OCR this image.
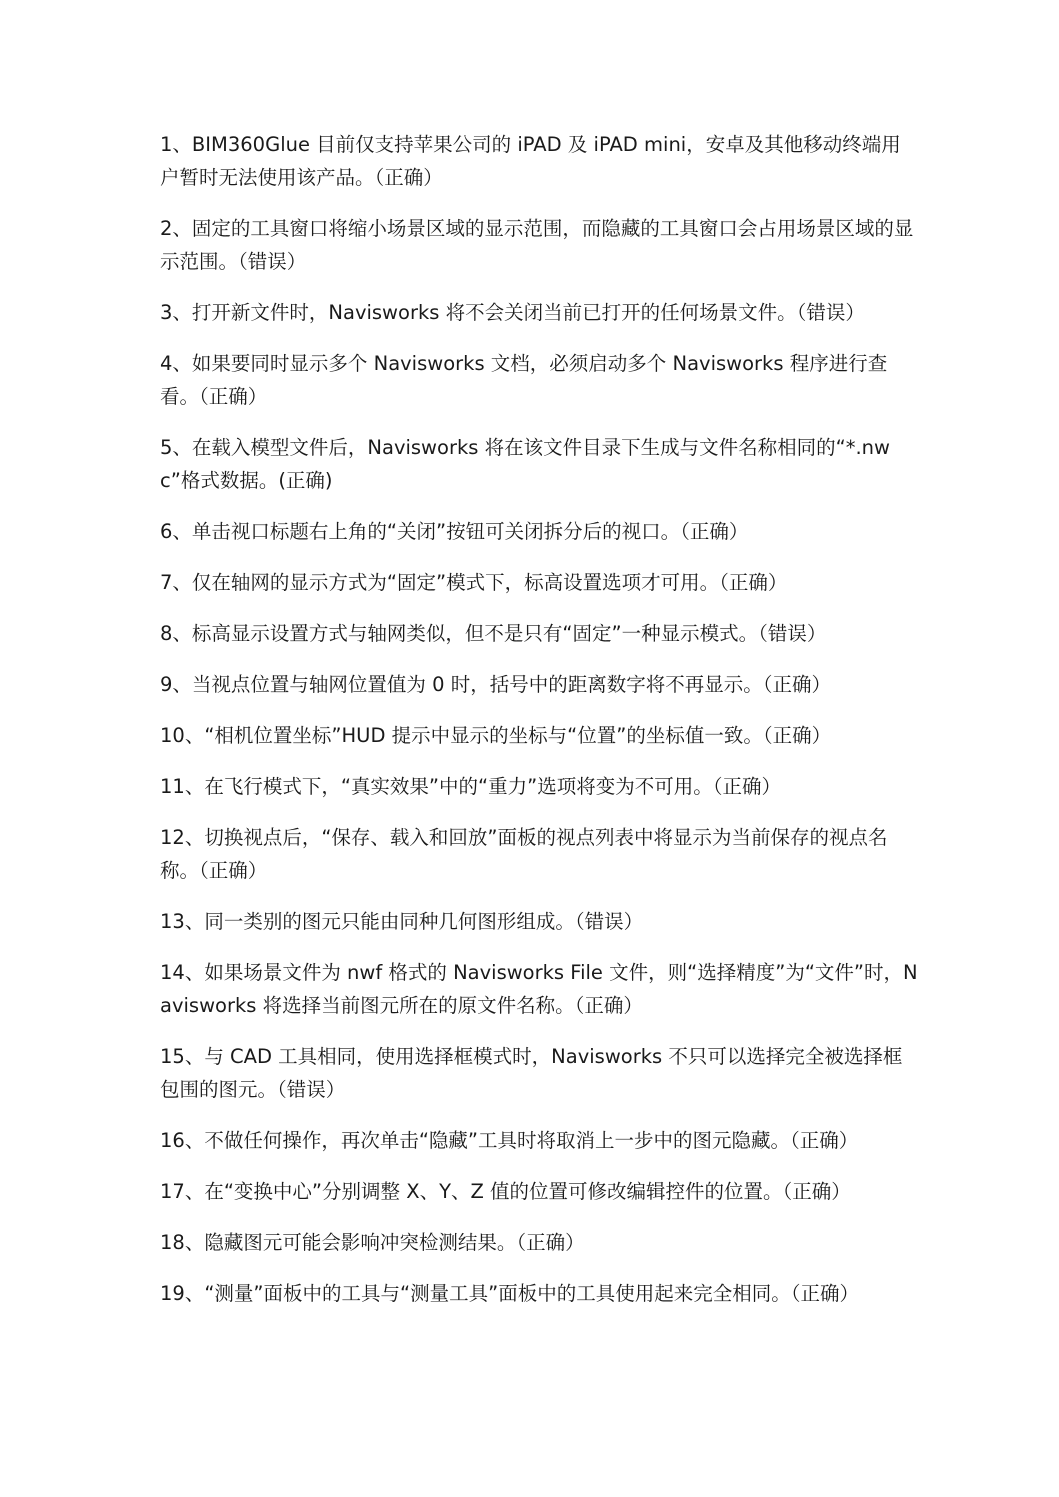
1、BIM360Glue 目前仅支持苹果公司的 iPAD 及 iPAD mini，安卓及其他移动终端用户暂时无法使用该产品。（正确）

2、固定的工具窗口将缩小场景区域的显示范围，而隐藏的工具窗口会占用场景区域的显示范围。（错误）

3、打开新文件时，Navisworks 将不会关闭当前已打开的任何场景文件。（错误）

4、如果要同时显示多个 Navisworks 文档，必须启动多个 Navisworks 程序进行查看。（正确）

5、在载入模型文件后，Navisworks 将在该文件目录下生成与文件名称相同的“*.nwc”格式数据。(正确)

6、单击视口标题右上角的“关闭”按钮可关闭拆分后的视口。（正确）

7、仅在轴网的显示方式为“固定”模式下，标高设置选项才可用。（正确）

8、标高显示设置方式与轴网类似，但不是只有“固定”一种显示模式。（错误）

9、当视点位置与轴网位置值为 0 时，括号中的距离数字将不再显示。（正确）

10、“相机位置坐标”HUD 提示中显示的坐标与“位置”的坐标值一致。（正确）

11、在飞行模式下，“真实效果”中的“重力”选项将变为不可用。（正确）

12、切换视点后，“保存、载入和回放”面板的视点列表中将显示为当前保存的视点名称。（正确）

13、同一类别的图元只能由同种几何图形组成。（错误）

14、如果场景文件为 nwf 格式的 Navisworks File 文件，则“选择精度”为“文件”时，Navisworks 将选择当前图元所在的原文件名称。（正确）

15、与 CAD 工具相同，使用选择框模式时，Navisworks 不只可以选择完全被选择框包围的图元。（错误）

16、不做任何操作，再次单击“隐藏”工具时将取消上一步中的图元隐藏。（正确）

17、在“变换中心”分别调整 X、Y、Z 值的位置可修改编辑控件的位置。（正确）

18、隐藏图元可能会影响冲突检测结果。（正确）

19、“测量”面板中的工具与“测量工具”面板中的工具使用起来完全相同。（正确）
